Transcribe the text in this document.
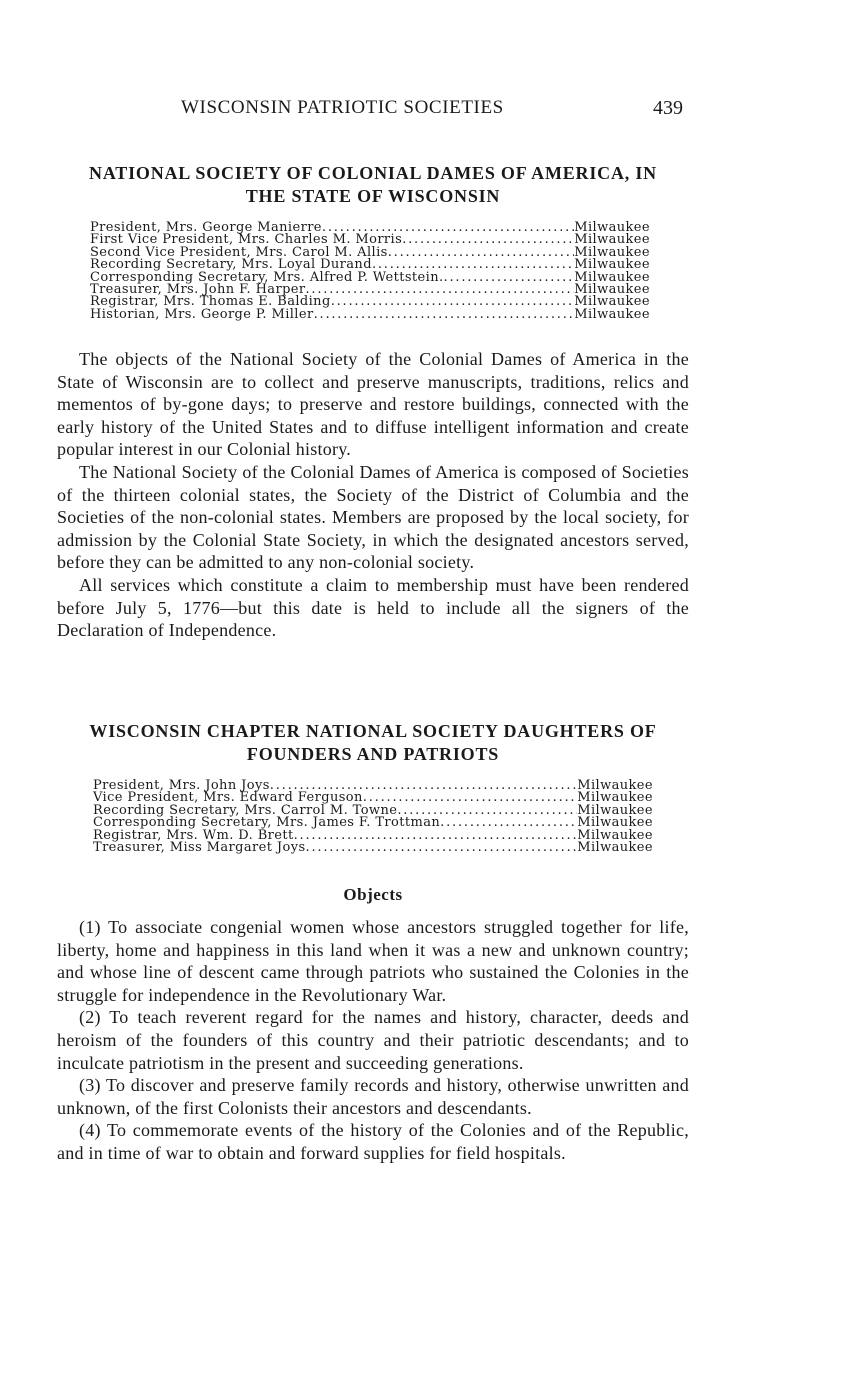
WISCONSIN PATRIOTIC SOCIETIES	439
NATIONAL SOCIETY OF COLONIAL DAMES OF AMERICA, IN
THE STATE OF WISCONSIN
President, Mrs. George Manierre .....	Milwaukee
First Vice President, Mrs. Charles M. Morris .....	Milwaukee
Second Vice President, Mrs. Carol M. Allis .....	Milwaukee
Recording Secretary, Mrs. Loyal Durand .....	Milwaukee
Corresponding Secretary, Mrs. Alfred P. Wettstein. .....	Milwaukee
Treasurer, Mrs. John F. Harper .....	Milwaukee
Registrar, Mrs. Thomas E. Balding .....	Milwaukee
Historian, Mrs. George P. Miller .....	Milwaukee

The objects of the National Society of the Colonial Dames of America in the State of Wisconsin are to collect and preserve manuscripts, traditions, relics and mementos of by-gone days; to preserve and restore buildings, connected with the early history of the United States and to diffuse intelligent information and create popular interest in our Colonial history.

The National Society of the Colonial Dames of America is composed of Societies of the thirteen colonial states, the Society of the District of Columbia and the Societies of the non-colonial states. Members are proposed by the local society, for admission by the Colonial State Society, in which the designated ancestors served, before they can be admitted to any non-colonial society.

All services which constitute a claim to membership must have been rendered before July 5, 1776—but this date is held to include all the signers of the Declaration of Independence.

WISCONSIN CHAPTER NATIONAL SOCIETY DAUGHTERS OF
FOUNDERS AND PATRIOTS
President, Mrs. John Joys .....	Milwaukee
Vice President, Mrs. Edward Ferguson .....	Milwaukee
Recording Secretary, Mrs. Carrol M. Towne .....	Milwaukee
Corresponding Secretary, Mrs. James F. Trottman .....	Milwaukee
Registrar, Mrs. Wm. D. Brett .....	Milwaukee
Treasurer, Miss Margaret Joys .....	Milwaukee
Objects

(1) To associate congenial women whose ancestors struggled together for life, liberty, home and happiness in this land when it was a new and unknown country; and whose line of descent came through patriots who sustained the Colonies in the struggle for independence in the Revolutionary War.

(2) To teach reverent regard for the names and history, character, deeds and heroism of the founders of this country and their patriotic descendants; and to inculcate patriotism in the present and succeeding generations.

(3) To discover and preserve family records and history, otherwise unwritten and unknown, of the first Colonists their ancestors and descendants.

(4) To commemorate events of the history of the Colonies and of the Republic, and in time of war to obtain and forward supplies for field hospitals.
